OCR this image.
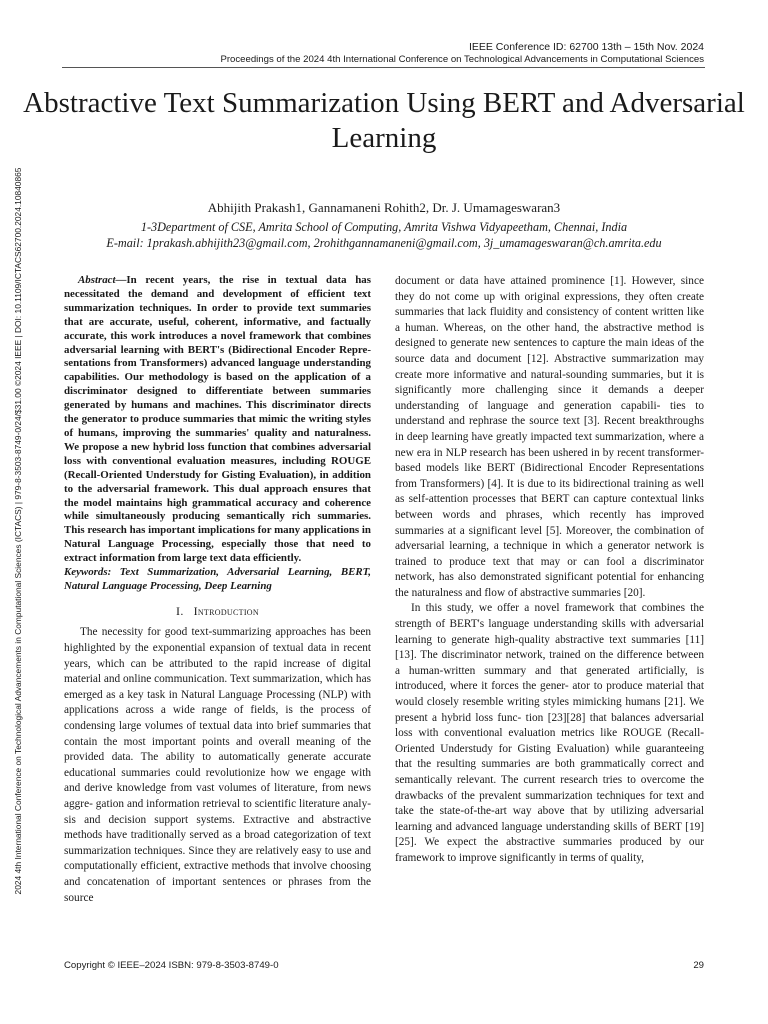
IEEE Conference ID: 62700 13th – 15th Nov. 2024
Proceedings of the 2024 4th International Conference on Technological Advancements in Computational Sciences
2024 4th International Conference on Technological Advancements in Computational Sciences (ICTACS) | 979-8-3503-8749-0/24/$31.00 ©2024 IEEE | DOI: 10.1109/ICTACS62700.2024.10840865
Abstractive Text Summarization Using BERT and Adversarial Learning
Abhijith Prakash1, Gannamaneni Rohith2, Dr. J. Umamageswaran3
1-3Department of CSE, Amrita School of Computing, Amrita Vishwa Vidyapeetham, Chennai, India
E-mail: 1prakash.abhijith23@gmail.com, 2rohithgannamaneni@gmail.com, 3j_umamageswaran@ch.amrita.edu

Abstract—In recent years, the rise in textual data has necessitated the demand and development of efficient text summarization techniques. In order to provide text summaries that are accurate, useful, coherent, informative, and factually accurate, this work introduces a novel framework that combines adversarial learning with BERT's (Bidirectional Encoder Repre-sentations from Transformers) advanced language understanding capabilities. Our methodology is based on the application of a discriminator designed to differentiate between summaries generated by humans and machines. This discriminator directs the generator to produce summaries that mimic the writing styles of humans, improving the summaries' quality and naturalness. We propose a new hybrid loss function that combines adversarial loss with conventional evaluation measures, including ROUGE (Recall-Oriented Understudy for Gisting Evaluation), in addition to the adversarial framework. This dual approach ensures that the model maintains high grammatical accuracy and coherence while simultaneously producing semantically rich summaries. This research has important implications for many applications in Natural Language Processing, especially those that need to extract information from large text data efficiently.

Keywords: Text Summarization, Adversarial Learning, BERT, Natural Language Processing, Deep Learning

I. Introduction

The necessity for good text-summarizing approaches has been highlighted by the exponential expansion of textual data in recent years, which can be attributed to the rapid increase of digital material and online communication. Text summarization, which has emerged as a key task in Natural Language Processing (NLP) with applications across a wide range of fields, is the process of condensing large volumes of textual data into brief summaries that contain the most important points and overall meaning of the provided data. The ability to automatically generate accurate educational summaries could revolutionize how we engage with and derive knowledge from vast volumes of literature, from news aggre- gation and information retrieval to scientific literature analy- sis and decision support systems. Extractive and abstractive methods have traditionally served as a broad categorization of text summarization techniques. Since they are relatively easy to use and computationally efficient, extractive methods that involve choosing and concatenation of important sentences or phrases from the source

document or data have attained prominence [1]. However, since they do not come up with original expressions, they often create summaries that lack fluidity and consistency of content written like a human. Whereas, on the other hand, the abstractive method is designed to generate new sentences to capture the main ideas of the source data and document [12]. Abstractive summarization may create more informative and natural-sounding summaries, but it is significantly more challenging since it demands a deeper understanding of language and generation capabili- ties to understand and rephrase the source text [3]. Recent breakthroughs in deep learning have greatly impacted text summarization, where a new era in NLP research has been ushered in by recent transformer-based models like BERT (Bidirectional Encoder Representations from Transformers) [4]. It is due to its bidirectional training as well as self-attention processes that BERT can capture contextual links between words and phrases, which recently has improved summaries at a significant level [5]. Moreover, the combination of adversarial learning, a technique in which a generator network is trained to produce text that may or can fool a discriminator network, has also demonstrated significant potential for enhancing the naturalness and flow of abstractive summaries [20].

In this study, we offer a novel framework that combines the strength of BERT's language understanding skills with adversarial learning to generate high-quality abstractive text summaries [11][13]. The discriminator network, trained on the difference between a human-written summary and that generated artificially, is introduced, where it forces the gener- ator to produce material that would closely resemble writing styles mimicking humans [21]. We present a hybrid loss func- tion [23][28] that balances adversarial loss with conventional evaluation metrics like ROUGE (Recall-Oriented Understudy for Gisting Evaluation) while guaranteeing that the resulting summaries are both grammatically correct and semantically relevant. The current research tries to overcome the drawbacks of the prevalent summarization techniques for text and take the state-of-the-art way above that by utilizing adversarial learning and advanced language understanding skills of BERT [19] [25]. We expect the abstractive summaries produced by our framework to improve significantly in terms of quality,

Copyright © IEEE–2024 ISBN: 979-8-3503-8749-0	29
